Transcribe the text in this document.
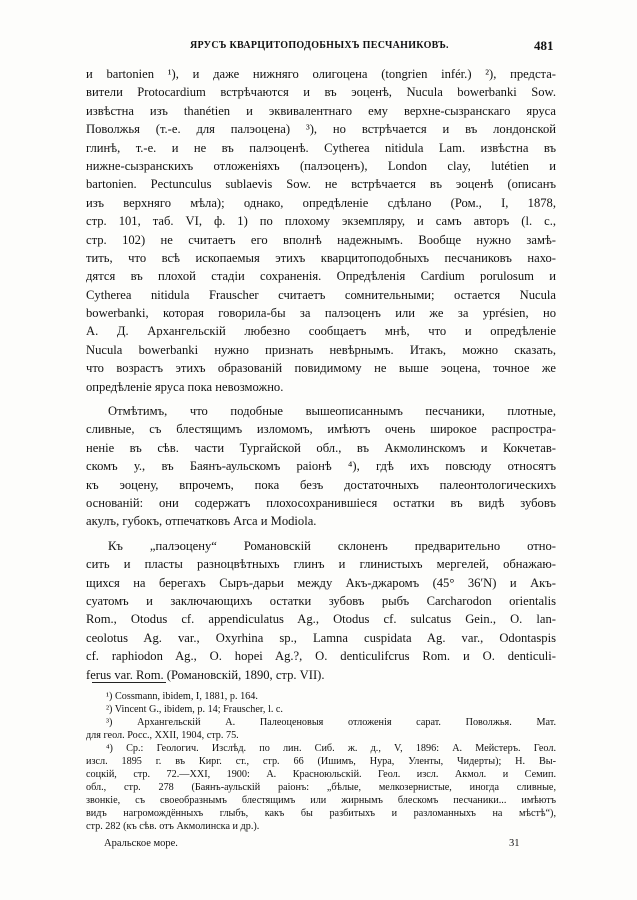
ЯРУСЪ КВАРЦИТОПОДОБНЫХЪ ПЕСЧАНИКОВЪ.	481
и bartonien ¹), и даже нижняго олигоцена (tongrien infér.) ²), предста-
вители Protocardium встрѣчаются и въ эоценѣ, Nucula bowerbanki Sow.
извѣстна изъ thanétien и эквивалентнаго ему верхне-сызранскаго яруса
Поволжья (т.-е. для палэоцена) ³), но встрѣчается и въ лондонской
глинѣ, т.-е. и не въ палэоценѣ. Cytherea nitidula Lam. извѣстна въ
нижне-сызранскихъ отложеніяхъ (палэоценъ), London clay, lutétien и
bartonien. Pectunculus sublaevis Sow. не встрѣчается въ эоценѣ (описанъ
изъ верхняго мѣла); однако, опредѣленіе сдѣлано (Ром., I, 1878,
стр. 101, таб. VI, ф. 1) по плохому экземпляру, и самъ авторъ (l. c.,
стр. 102) не считаетъ его вполнѣ надежнымъ. Вообще нужно замѣ-
тить, что всѣ ископаемыя этихъ кварцитоподобныхъ песчаниковъ нахо-
дятся въ плохой стадіи сохраненія. Опредѣленія Cardium porulosum и
Cytherea nitidula Frauscher считаетъ сомнительными; остается Nucula
bowerbanki, которая говорила-бы за палэоценъ или же за yprésien, но
А. Д. Архангельскій любезно сообщаетъ мнѣ, что и опредѣленіе
Nucula bowerbanki нужно признать невѣрнымъ. Итакъ, можно сказать,
что возрастъ этихъ образованій повидимому не выше эоцена, точное же
опредѣленіе яруса пока невозможно.
Отмѣтимъ, что подобные вышеописаннымъ песчаники, плотные,
сливные, съ блестящимъ изломомъ, имѣютъ очень широкое распростра-
неніе въ сѣв. части Тургайской обл., въ Акмолинскомъ и Кокчетав-
скомъ у., въ Баянъ-аульскомъ раіонѣ ⁴), гдѣ ихъ повсюду относятъ
къ эоцену, впрочемъ, пока безъ достаточныхъ палеонтологическихъ
основаній: они содержатъ плохосохранившіеся остатки въ видѣ зубовъ
акулъ, губокъ, отпечатковъ Arca и Modiola.
Къ „палэоцену“ Романовскій склоненъ предварительно отно-
сить и пласты разноцвѣтныхъ глинъ и глинистыхъ мергелей, обнажаю-
щихся на берегахъ Сыръ-дарьи между Акъ-джаромъ (45° 36′N) и Акъ-
суатомъ и заключающихъ остатки зубовъ рыбъ Carcharodon orientalis
Rom., Otodus cf. appendiculatus Ag., Otodus cf. sulcatus Gein., O. lan-
ceolotus Ag. var., Oxyrhina sp., Lamna cuspidata Ag. var., Odontaspis
cf. raphiodon Ag., O. hopei Ag.?, O. denticulifcrus Rom. и O. denticuli-
ferus var. Rom. (Романовскій, 1890, стр. VII).
¹) Cossmann, ibidem, I, 1881, p. 164.
²) Vincent G., ibidem, p. 14; Frauscher, l. c.
³) Архангельскій А. Палеоценовыя отложенія сарат. Поволжья. Мат.
для геол. Росс., XXII, 1904, стр. 75.
⁴) Ср.: Геологич. Изслѣд. по лин. Сиб. ж. д., V, 1896: А. Мейстеръ. Геол.
изсл. 1895 г. въ Кирг. ст., стр. 66 (Ишимъ, Нура, Уленты, Чидерты); Н. Вы-
соцкій, стр. 72.—XXI, 1900: А. Красноюльскій. Геол. изсл. Акмол. и Семип.
обл., стр. 278 (Баянъ-аульскій раіонъ: „бѣлые, мелкозернистые, иногда сливные,
звонкіе, съ своеобразнымъ блестящимъ или жирнымъ блескомъ песчаники... имѣютъ
видъ нагромождённыхъ глыбъ, какъ бы разбитыхъ и разломанныхъ на мѣстѣ“),
стр. 282 (къ сѣв. отъ Акмолинска и др.).
Аральское море.	31
